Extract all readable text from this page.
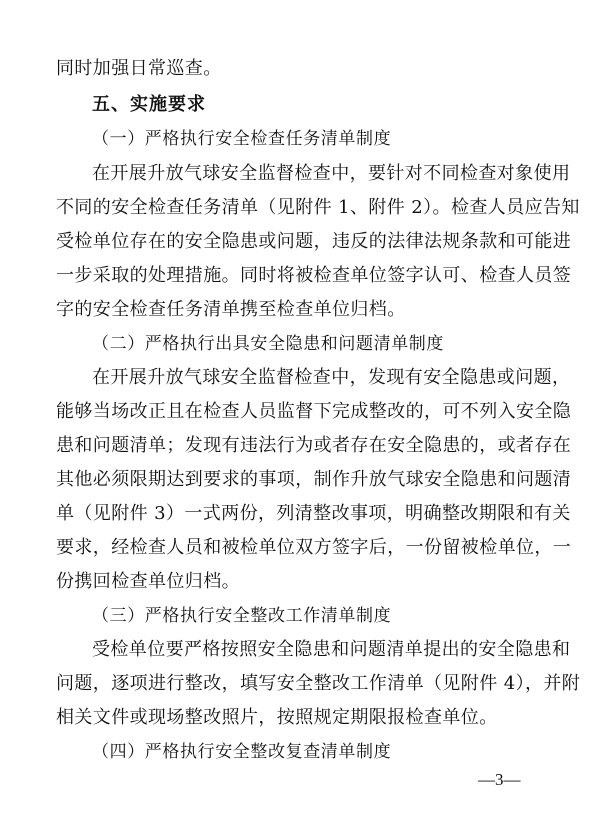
同时加强日常巡查。
五、实施要求
（一）严格执行安全检查任务清单制度
在开展升放气球安全监督检查中，要针对不同检查对象使用
不同的安全检查任务清单（见附件 1、附件 2）。检查人员应告知
受检单位存在的安全隐患或问题，违反的法律法规条款和可能进
一步采取的处理措施。同时将被检查单位签字认可、检查人员签
字的安全检查任务清单携至检查单位归档。
（二）严格执行出具安全隐患和问题清单制度
在开展升放气球安全监督检查中，发现有安全隐患或问题，
能够当场改正且在检查人员监督下完成整改的，可不列入安全隐
患和问题清单；发现有违法行为或者存在安全隐患的，或者存在
其他必须限期达到要求的事项，制作升放气球安全隐患和问题清
单（见附件 3）一式两份，列清整改事项，明确整改期限和有关
要求，经检查人员和被检单位双方签字后，一份留被检单位，一
份携回检查单位归档。
（三）严格执行安全整改工作清单制度
受检单位要严格按照安全隐患和问题清单提出的安全隐患和
问题，逐项进行整改，填写安全整改工作清单（见附件 4），并附
相关文件或现场整改照片，按照规定期限报检查单位。
（四）严格执行安全整改复查清单制度
—3—
